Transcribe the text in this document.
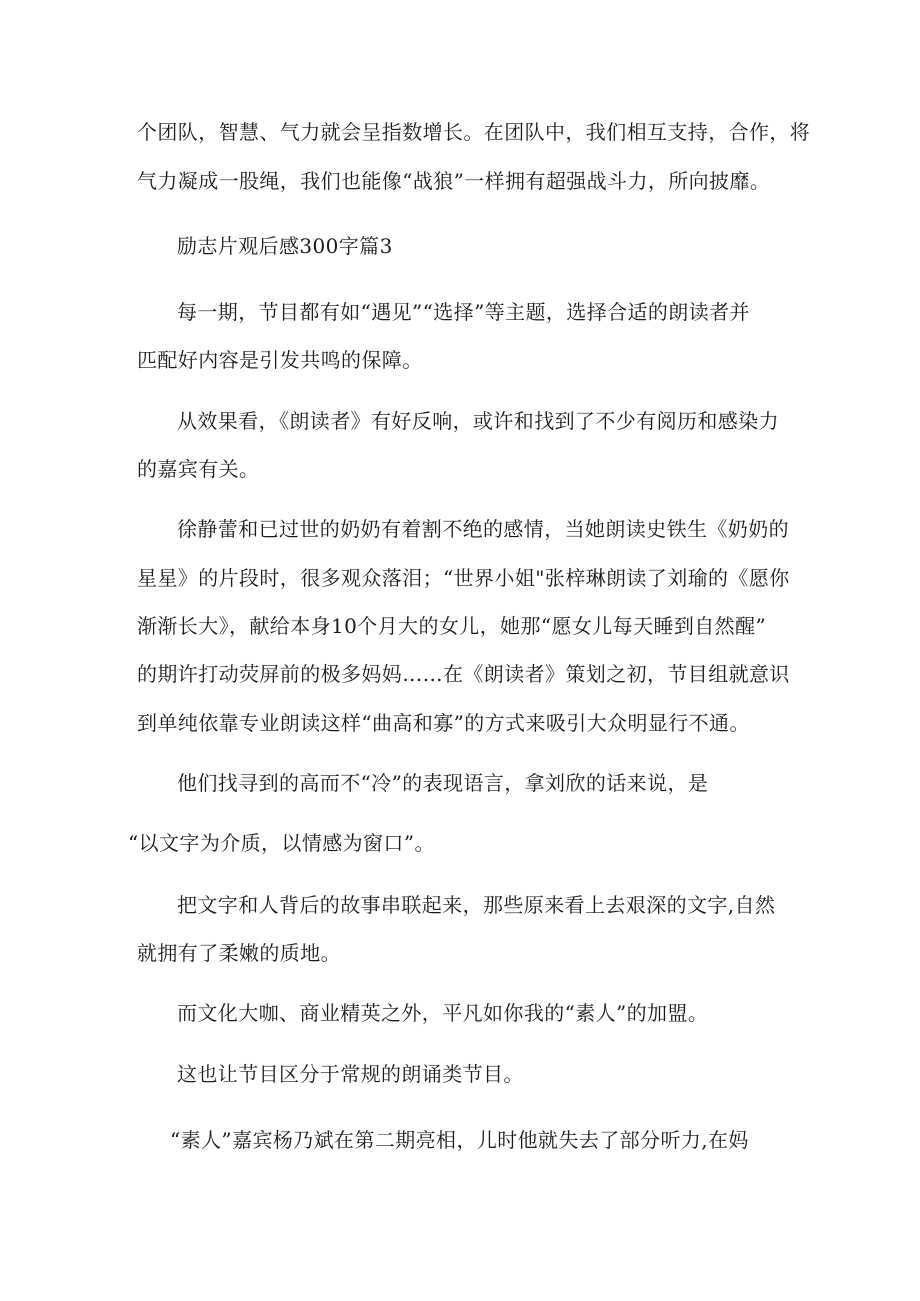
个团队，智慧、气力就会呈指数增长。在团队中，我们相互支持，合作，将
气力凝成一股绳，我们也能像“战狼”一样拥有超强战斗力，所向披靡。
励志片观后感300字篇3
每一期，节目都有如“遇见”“选择”等主题，选择合适的朗读者并
匹配好内容是引发共鸣的保障。
从效果看，《朗读者》有好反响，或许和找到了不少有阅历和感染力
的嘉宾有关。
徐静蕾和已过世的奶奶有着割不绝的感情，当她朗读史铁生《奶奶的
星星》的片段时，很多观众落泪；“世界小姐"张梓琳朗读了刘瑜的《愿你
渐渐长大》，献给本身10个月大的女儿，她那“愿女儿每天睡到自然醒”
的期许打动荧屏前的极多妈妈……在《朗读者》策划之初，节目组就意识
到单纯依靠专业朗读这样“曲高和寡”的方式来吸引大众明显行不通。
他们找寻到的高而不“冷”的表现语言，拿刘欣的话来说，是
“以文字为介质，以情感为窗口”。
把文字和人背后的故事串联起来，那些原来看上去艰深的文字,自然
就拥有了柔嫩的质地。
而文化大咖、商业精英之外，平凡如你我的“素人”的加盟。
这也让节目区分于常规的朗诵类节目。
“素人”嘉宾杨乃斌在第二期亮相，儿时他就失去了部分听力,在妈
